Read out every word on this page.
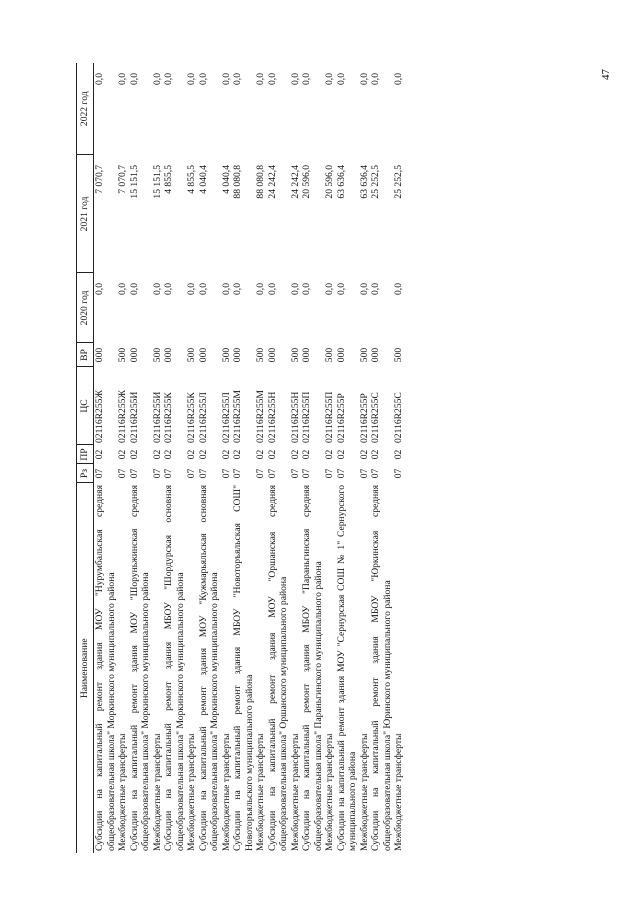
47
Наименование	Рз	ПР	ЦС	ВР	2020 год	2021 год	2022 год
Субсидии на капитальный ремонт здания МОУ "Нурумбальская средняя общеобразовательная школа" Моркинского муниципального района	07	02	02116R255Ж	000	0,0	7 070,7	0,0
Межбюджетные трансферты	07	02	02116R255Ж	500	0,0	7 070,7	0,0
Субсидии на капитальный ремонт здания МОУ "Шоруньжинская средняя общеобразовательная школа" Моркинского муниципального района	07	02	02116R255И	000	0,0	15 151,5	0,0
Межбюджетные трансферты	07	02	02116R255И	500	0,0	15 151,5	0,0
Субсидии на капитальный ремонт здания МБОУ "Шордурская основная общеобразовательная школа" Моркинского муниципального района	07	02	02116R255К	000	0,0	4 855,5	0,0
Межбюджетные трансферты	07	02	02116R255К	500	0,0	4 855,5	0,0
Субсидии на капитальный ремонт здания МОУ "Кужмарьяльская основная общеобразовательная школа" Моркинского муниципального района	07	02	02116R255Л	000	0,0	4 040,4	0,0
Межбюджетные трансферты	07	02	02116R255Л	500	0,0	4 040,4	0,0
Субсидии на капитальный ремонт здания МБОУ "Новоторъяльская СОШ" Новоторъяльского муниципального района	07	02	02116R255М	000	0,0	88 080,8	0,0
Межбюджетные трансферты	07	02	02116R255М	500	0,0	88 080,8	0,0
Субсидии на капитальный ремонт здания МОУ "Оршанская средняя общеобразовательная школа" Оршанского муниципального района	07	02	02116R255Н	000	0,0	24 242,4	0,0
Межбюджетные трансферты	07	02	02116R255Н	500	0,0	24 242,4	0,0
Субсидии на капитальный ремонт здания МБОУ "Параньгинская средняя общеобразовательная школа" Параньгинского муниципального района	07	02	02116R255П	000	0,0	20 596,0	0,0
Межбюджетные трансферты	07	02	02116R255П	500	0,0	20 596,0	0,0
Субсидии на капитальный ремонт здания МОУ "Сернурская СОШ № 1" Сернурского муниципального района	07	02	02116R255Р	000	0,0	63 636,4	0,0
Межбюджетные трансферты	07	02	02116R255Р	500	0,0	63 636,4	0,0
Субсидии на капитальный ремонт здания МБОУ "Юркинская средняя общеобразовательная школа" Юринского муниципального района	07	02	02116R255С	000	0,0	25 252,5	0,0
Межбюджетные трансферты	07	02	02116R255С	500	0,0	25 252,5	0,0
